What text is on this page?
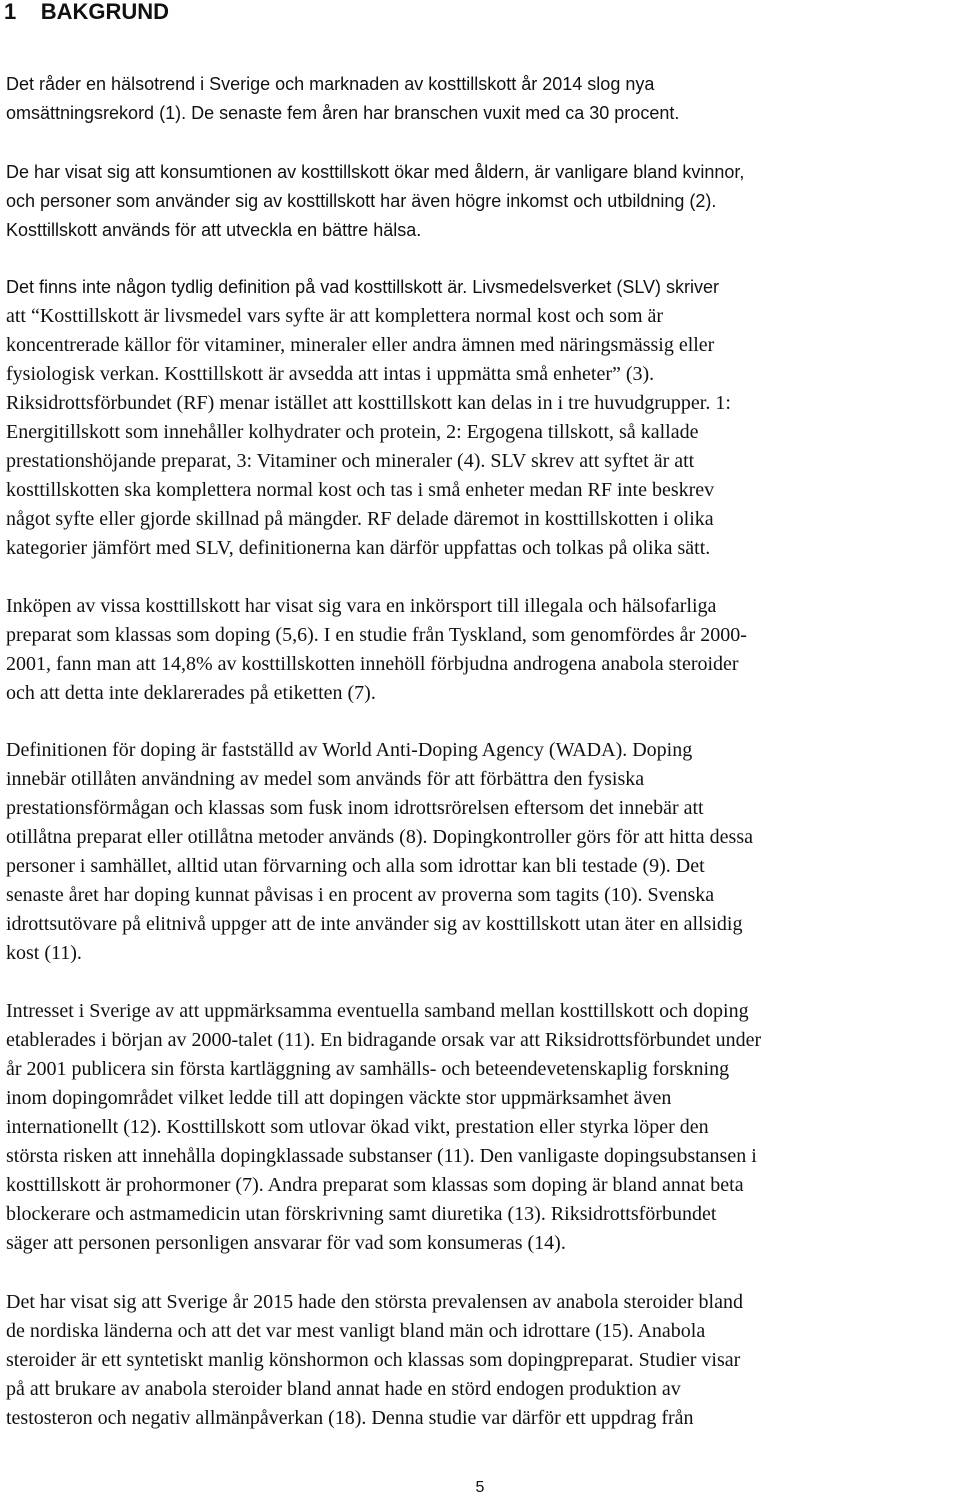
1 BAKGRUND
Det råder en hälsotrend i Sverige och marknaden av kosttillskott år 2014 slog nya
omsättningsrekord (1). De senaste fem åren har branschen vuxit med ca 30 procent.
De har visat sig att konsumtionen av kosttillskott ökar med åldern, är vanligare bland kvinnor,
och personer som använder sig av kosttillskott har även högre inkomst och utbildning (2).
Kosttillskott används för att utveckla en bättre hälsa.
Det finns inte någon tydlig definition på vad kosttillskott är. Livsmedelsverket (SLV) skriver
att “Kosttillskott är livsmedel vars syfte är att komplettera normal kost och som är
koncentrerade källor för vitaminer, mineraler eller andra ämnen med näringsmässig eller
fysiologisk verkan. Kosttillskott är avsedda att intas i uppmätta små enheter” (3).
Riksidrottsförbundet (RF) menar istället att kosttillskott kan delas in i tre huvudgrupper. 1:
Energitillskott som innehåller kolhydrater och protein, 2: Ergogena tillskott, så kallade
prestationshöjande preparat, 3: Vitaminer och mineraler (4). SLV skrev att syftet är att
kosttillskotten ska komplettera normal kost och tas i små enheter medan RF inte beskrev
något syfte eller gjorde skillnad på mängder. RF delade däremot in kosttillskotten i olika
kategorier jämfört med SLV, definitionerna kan därför uppfattas och tolkas på olika sätt.
Inköpen av vissa kosttillskott har visat sig vara en inkörsport till illegala och hälsofarliga
preparat som klassas som doping (5,6). I en studie från Tyskland, som genomfördes år 2000-
2001, fann man att 14,8% av kosttillskotten innehöll förbjudna androgena anabola steroider
och att detta inte deklarerades på etiketten (7).
Definitionen för doping är fastställd av World Anti-Doping Agency (WADA). Doping
innebär otillåten användning av medel som används för att förbättra den fysiska
prestationsförmågan och klassas som fusk inom idrottsrörelsen eftersom det innebär att
otillåtna preparat eller otillåtna metoder används (8). Dopingkontroller görs för att hitta dessa
personer i samhället, alltid utan förvarning och alla som idrottar kan bli testade (9). Det
senaste året har doping kunnat påvisas i en procent av proverna som tagits (10). Svenska
idrottsutövare på elitnivå uppger att de inte använder sig av kosttillskott utan äter en allsidig
kost (11).
Intresset i Sverige av att uppmärksamma eventuella samband mellan kosttillskott och doping
etablerades i början av 2000-talet (11). En bidragande orsak var att Riksidrottsförbundet under
år 2001 publicera sin första kartläggning av samhälls- och beteendevetenskaplig forskning
inom dopingområdet vilket ledde till att dopingen väckte stor uppmärksamhet även
internationellt (12). Kosttillskott som utlovar ökad vikt, prestation eller styrka löper den
största risken att innehålla dopingklassade substanser (11). Den vanligaste dopingsubstansen i
kosttillskott är prohormoner (7). Andra preparat som klassas som doping är bland annat beta
blockerare och astmamedicin utan förskrivning samt diuretika (13). Riksidrottsförbundet
säger att personen personligen ansvarar för vad som konsumeras (14).
Det har visat sig att Sverige år 2015 hade den största prevalensen av anabola steroider bland
de nordiska länderna och att det var mest vanligt bland män och idrottare (15). Anabola
steroider är ett syntetiskt manlig könshormon och klassas som dopingpreparat. Studier visar
på att brukare av anabola steroider bland annat hade en störd endogen produktion av
testosteron och negativ allmänpåverkan (18). Denna studie var därför ett uppdrag från
5
